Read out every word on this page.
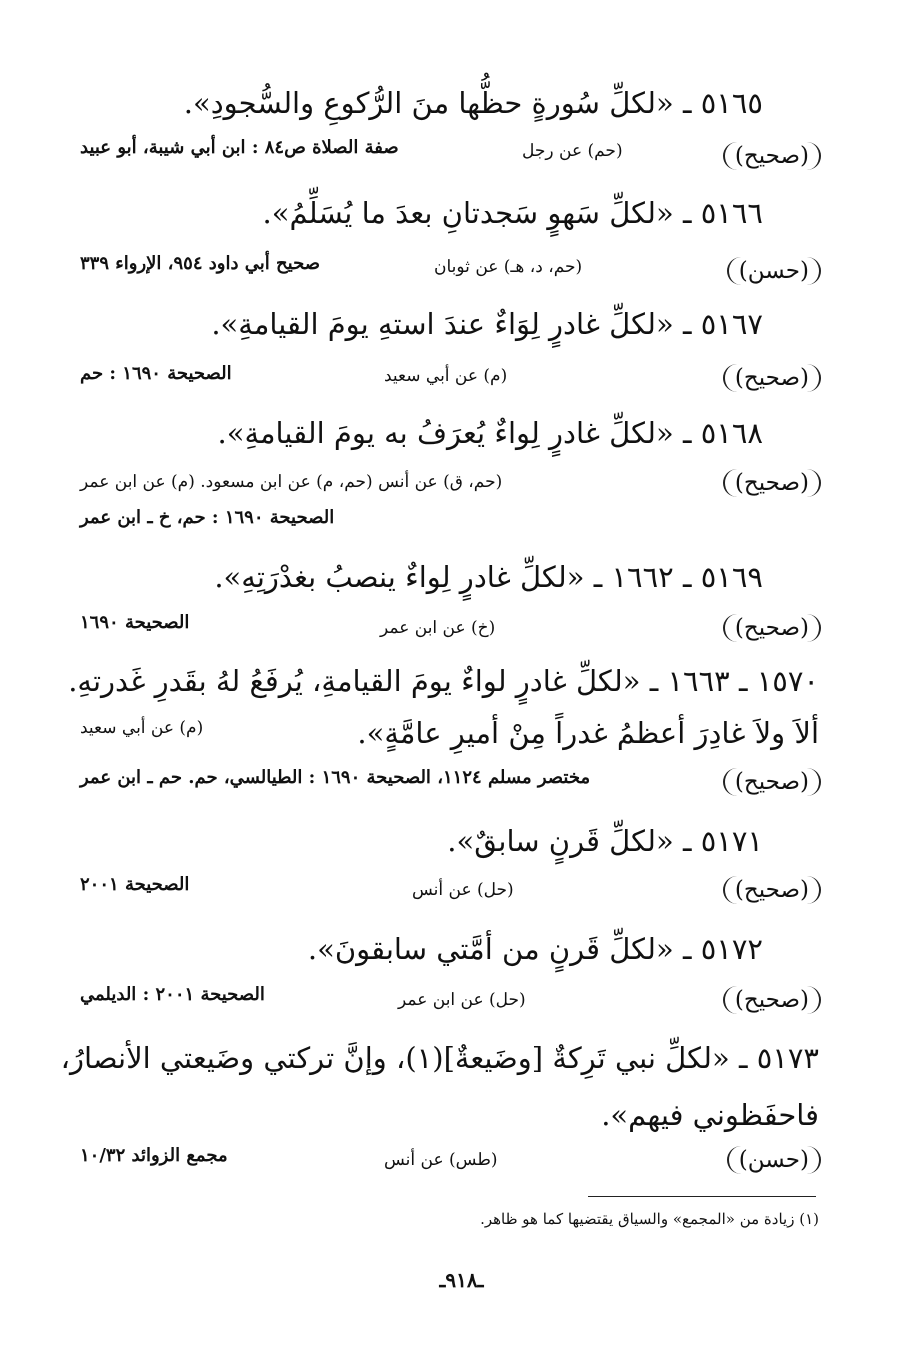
٥١٦٥ ـ «لكلِّ سُورةٍ حظُّها منَ الرُّكوعِ والسُّجودِ».
(صحيح)
(حم) عن رجل
صفة الصلاة ص٨٤ : ابن أبي شيبة، أبو عبيد
٥١٦٦ ـ «لكلِّ سَهوٍ سَجدتانِ بعدَ ما يُسَلِّمُ».
(حسن)
(حم، د، هـ) عن ثوبان
صحيح أبي داود ٩٥٤، الإرواء ٣٣٩
٥١٦٧ ـ «لكلِّ غادرٍ لِوَاءٌ عندَ استهِ يومَ القيامةِ».
(صحيح)
(م) عن أبي سعيد
الصحيحة ١٦٩٠ : حم
٥١٦٨ ـ «لكلِّ غادرٍ لِواءٌ يُعرَفُ به يومَ القيامةِ».
(صحيح)
(حم، ق) عن أنس (حم، م) عن ابن مسعود. (م) عن ابن عمر
الصحيحة ١٦٩٠ : حم، خ ـ ابن عمر
٥١٦٩ ـ ١٦٦٢ ـ «لكلِّ غادرٍ لِواءٌ ينصبُ بغدْرَتِهِ».
(صحيح)
(خ) عن ابن عمر
الصحيحة ١٦٩٠
١٥٧٠ ـ ١٦٦٣ ـ «لكلِّ غادرٍ لواءٌ يومَ القيامةِ، يُرفَعُ لهُ بقَدرِ غَدرتهِ.
ألاَ ولاَ غادِرَ أعظمُ غدراً مِنْ أميرِ عامَّةٍ».
(م) عن أبي سعيد
(صحيح)
مختصر مسلم ١١٢٤، الصحيحة ١٦٩٠ : الطيالسي، حم. حم ـ ابن عمر
٥١٧١ ـ «لكلِّ قَرنٍ سابقٌ».
(صحيح)
(حل) عن أنس
الصحيحة ٢٠٠١
٥١٧٢ ـ «لكلِّ قَرنٍ من أمَّتي سابقونَ».
(صحيح)
(حل) عن ابن عمر
الصحيحة ٢٠٠١ : الديلمي
٥١٧٣ ـ «لكلِّ نبي تَرِكةٌ [وضَيعةٌ](١)، وإنَّ تركتي وضَيعتي الأنصارُ،
فاحفَظوني فيهم».
(حسن)
(طس) عن أنس
مجمع الزوائد ١٠/٣٢
(١) زيادة من «المجمع» والسياق يقتضيها كما هو ظاهر.
ـ٩١٨ـ
